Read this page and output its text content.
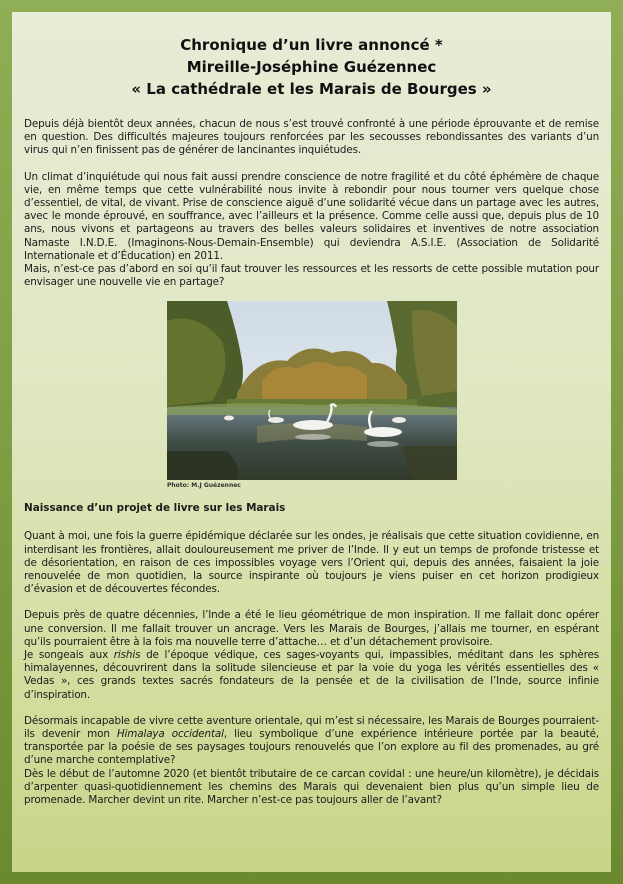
Chronique d’un livre annoncé *
Mireille-Joséphine Guézennec
« La cathédrale et les Marais de Bourges »

Depuis déjà bientôt deux années, chacun de nous s’est trouvé confronté à une période éprouvante et de remise en question. Des difficultés majeures toujours renforcées par les secousses rebondissantes des variants d’un virus qui n’en finissent pas de générer de lancinantes inquiétudes.

Un climat d’inquiétude qui nous fait aussi prendre conscience de notre fragilité et du côté éphémère de chaque vie, en même temps que cette vulnérabilité nous invite à rebondir pour nous tourner vers quelque chose d’essentiel, de vital, de vivant. Prise de conscience aiguë d’une solidarité vécue dans un partage avec les autres, avec le monde éprouvé, en souffrance, avec l’ailleurs et la présence. Comme celle aussi que, depuis plus de 10 ans, nous vivons et partageons au travers des belles valeurs solidaires et inventives de notre association Namaste I.N.D.E. (Imaginons-Nous-Demain-Ensemble) qui deviendra A.S.I.E. (Association de Solidarité Internationale et d’Éducation) en 2011.

Mais, n’est-ce pas d’abord en soi qu’il faut trouver les ressources et les ressorts de cette possible mutation pour envisager une nouvelle vie en partage?

Photo: M.J Guézennec
Naissance d’un projet de livre sur les Marais

Quant à moi, une fois la guerre épidémique déclarée sur les ondes, je réalisais que cette situation covidienne, en interdisant les frontières, allait douloureusement me priver de l’Inde. Il y eut un temps de profonde tristesse et de désorientation, en raison de ces impossibles voyage vers l’Orient qui, depuis des années, faisaient la joie renouvelée de mon quotidien, la source inspirante où toujours je viens puiser en cet horizon prodigieux d’évasion et de découvertes fécondes.

Depuis près de quatre décennies, l’Inde a été le lieu géométrique de mon inspiration. Il me fallait donc opérer une conversion. Il me fallait trouver un ancrage. Vers les Marais de Bourges, j’allais me tourner, en espérant qu’ils pourraient être à la fois ma nouvelle terre d’attache… et d’un détachement provisoire.

Je songeais aux rishis de l’époque védique, ces sages-voyants qui, impassibles, méditant dans les sphères himalayennes, découvrirent dans la solitude silencieuse et par la voie du yoga les vérités essentielles des « Vedas », ces grands textes sacrés fondateurs de la pensée et de la civilisation de l’Inde, source infinie d’inspiration.

Désormais incapable de vivre cette aventure orientale, qui m’est si nécessaire, les Marais de Bourges pourraient-ils devenir mon Himalaya occidental, lieu symbolique d’une expérience intérieure portée par la beauté, transportée par la poésie de ses paysages toujours renouvelés que l’on explore au fil des promenades, au gré d’une marche contemplative?

Dès le début de l’automne 2020 (et bientôt tributaire de ce carcan covidal : une heure/un kilomètre), je décidais d’arpenter quasi-quotidiennement les chemins des Marais qui devenaient bien plus qu’un simple lieu de promenade. Marcher devint un rite. Marcher n’est-ce pas toujours aller de l’avant?
